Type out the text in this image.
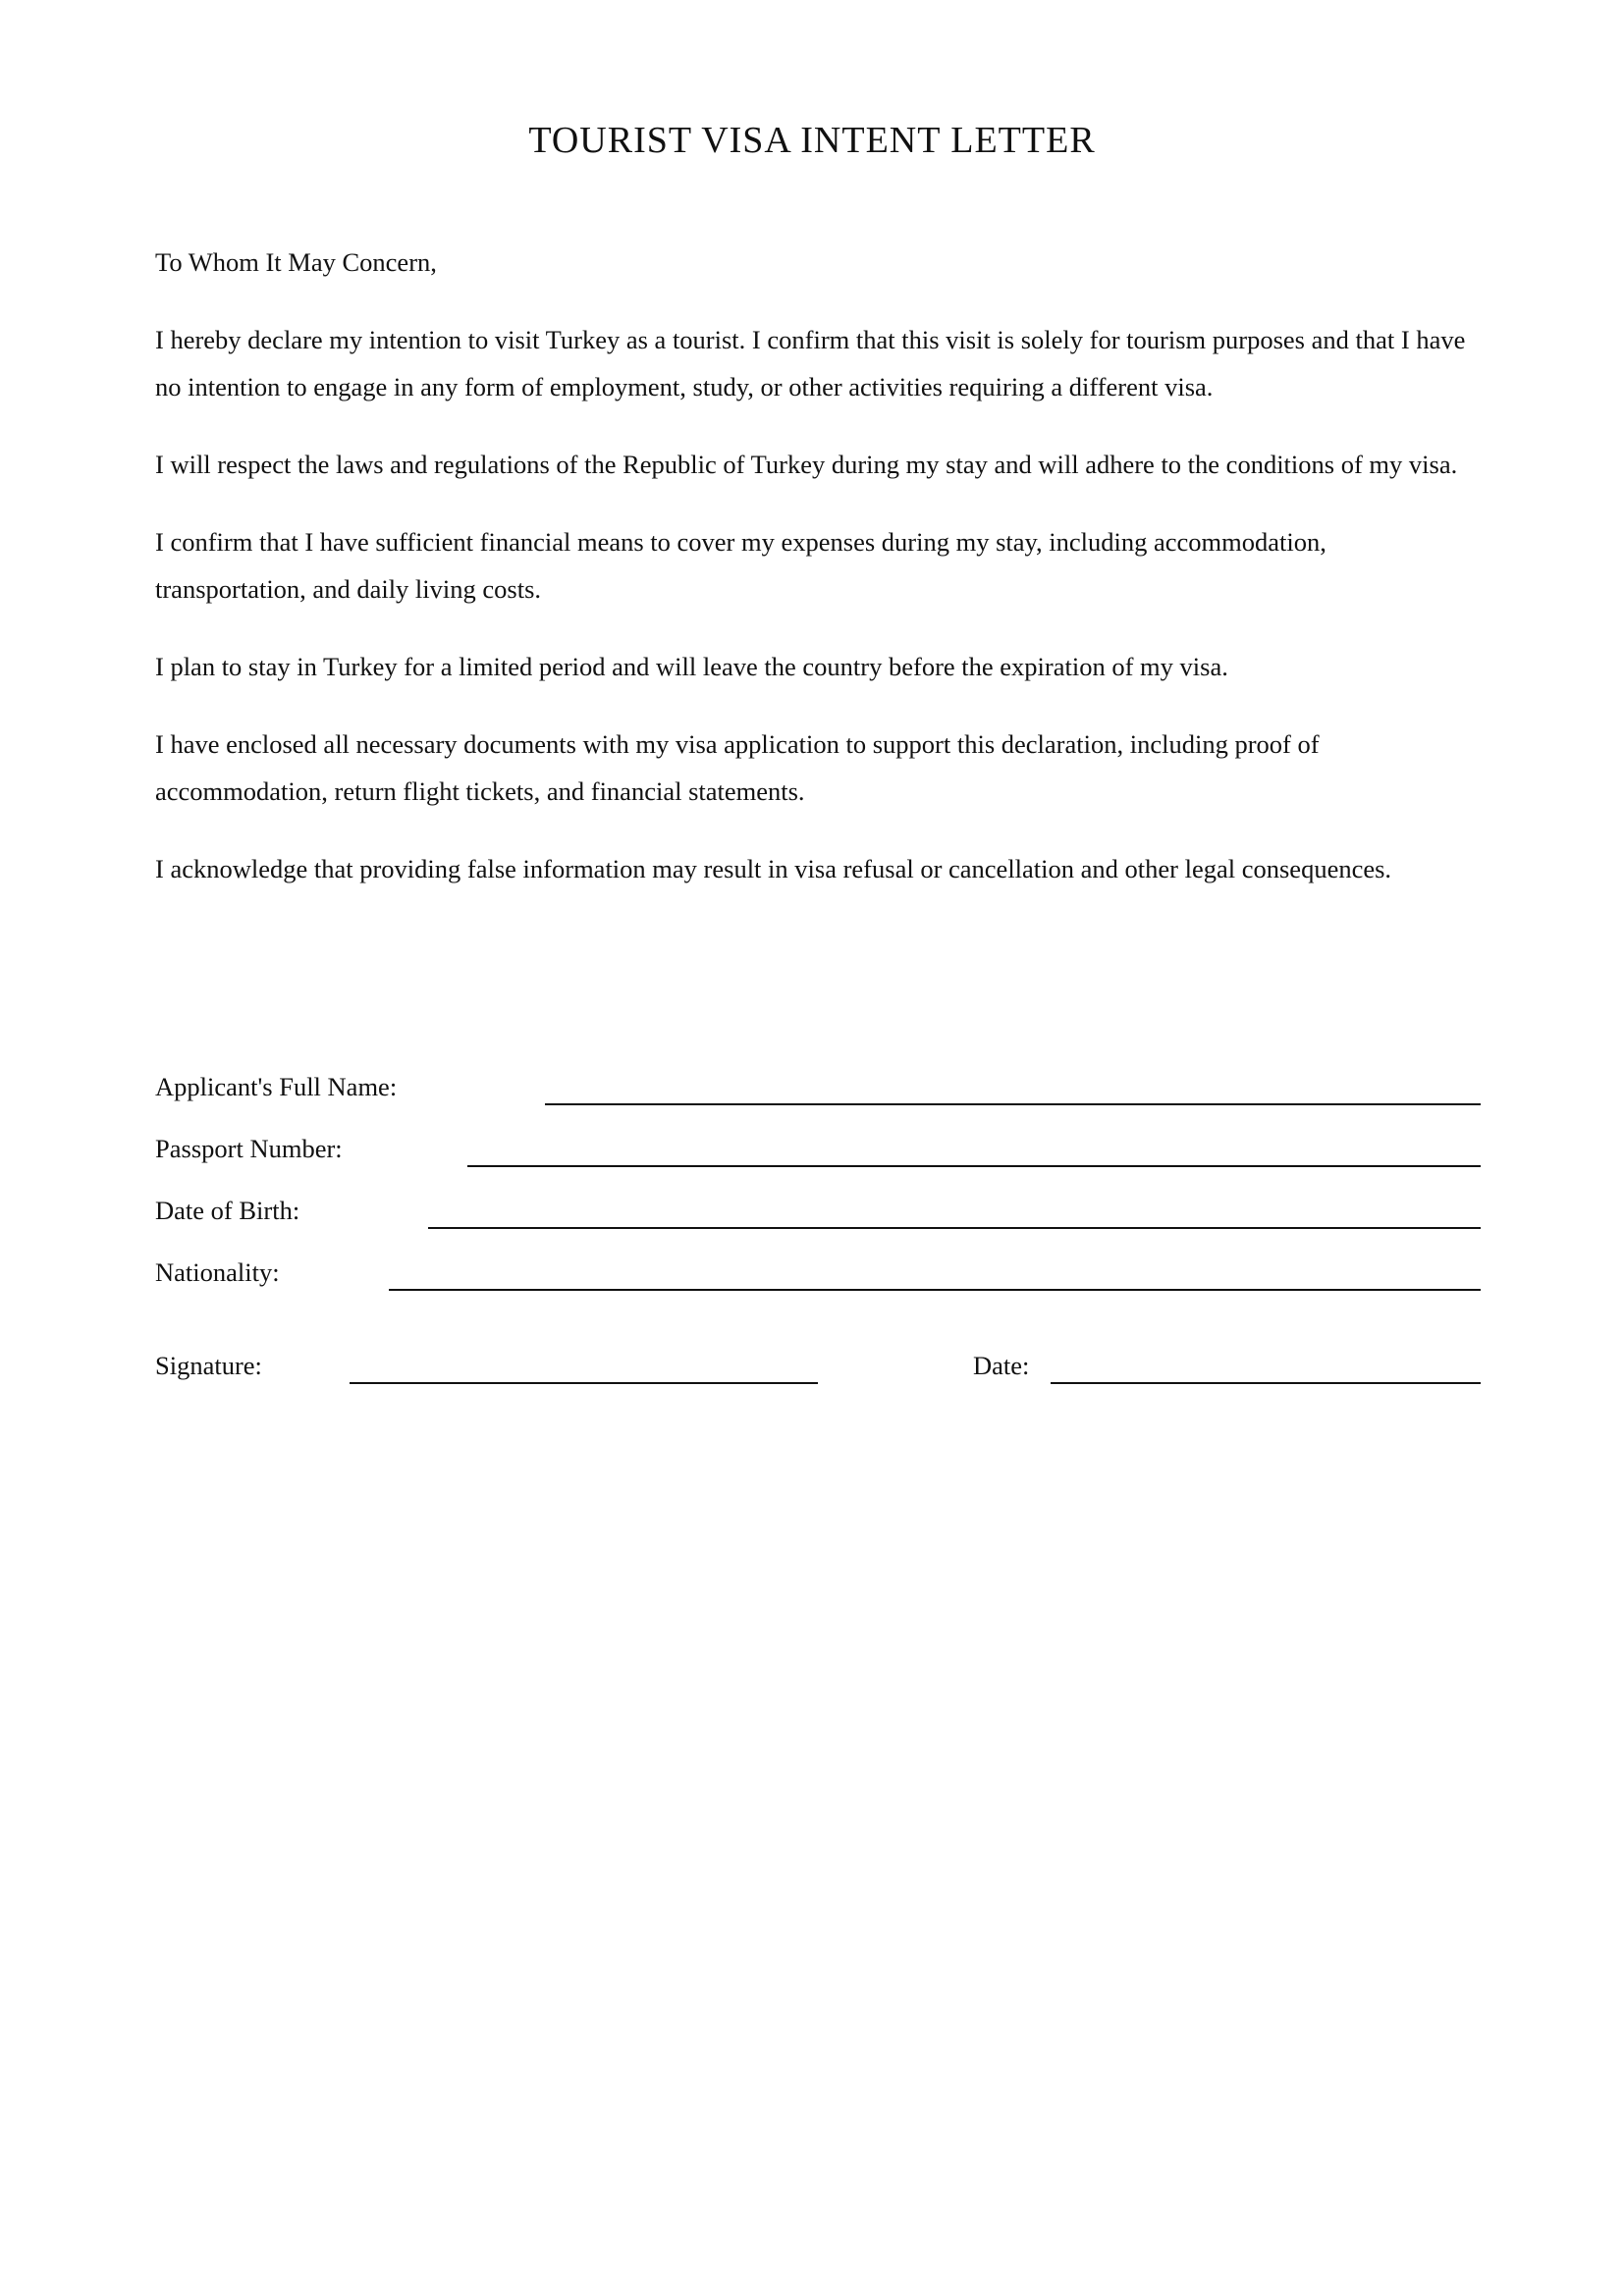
TOURIST VISA INTENT LETTER
To Whom It May Concern,

I hereby declare my intention to visit Turkey as a tourist. I confirm that this visit is solely for tourism purposes and that I have no intention to engage in any form of employment, study, or other activities requiring a different visa.

I will respect the laws and regulations of the Republic of Turkey during my stay and will adhere to the conditions of my visa.

I confirm that I have sufficient financial means to cover my expenses during my stay, including accommodation, transportation, and daily living costs.

I plan to stay in Turkey for a limited period and will leave the country before the expiration of my visa.

I have enclosed all necessary documents with my visa application to support this declaration, including proof of accommodation, return flight tickets, and financial statements.

I acknowledge that providing false information may result in visa refusal or cancellation and other legal consequences.

Applicant's Full Name:
Passport Number:
Date of Birth:
Nationality:
Signature:	Date:
